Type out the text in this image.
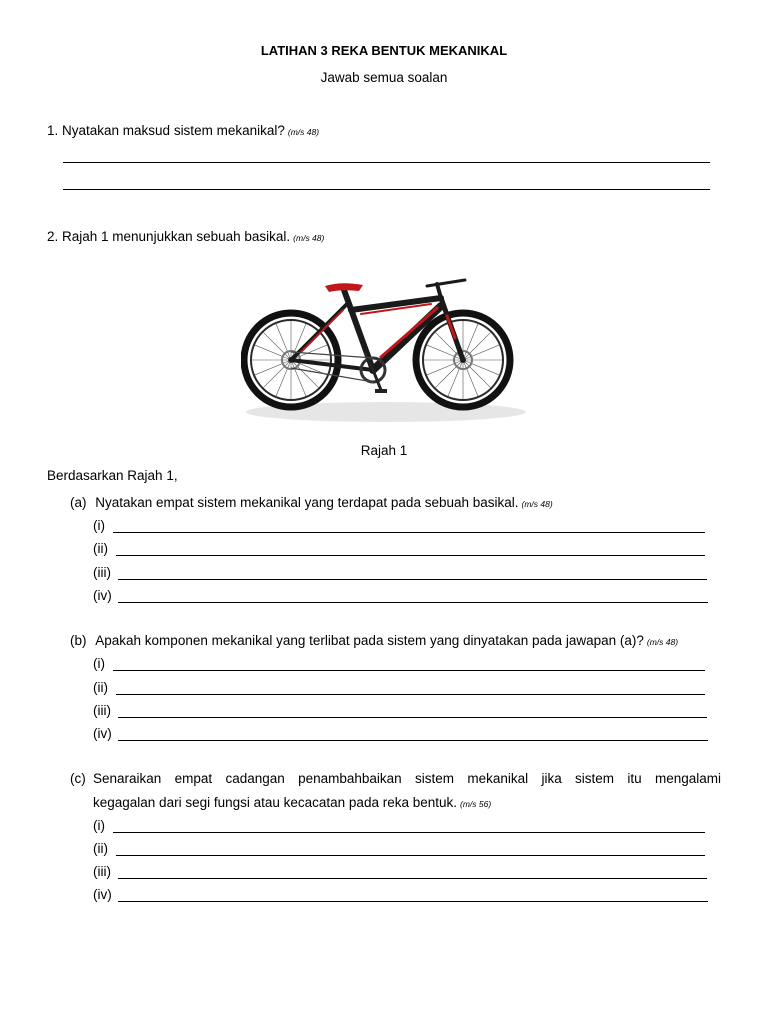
LATIHAN 3 REKA BENTUK MEKANIKAL
Jawab semua soalan
1. Nyatakan maksud sistem mekanikal? (m/s 48)
2. Rajah 1 menunjukkan sebuah basikal. (m/s 48)
Rajah 1
Berdasarkan Rajah 1,
(a) Nyatakan empat sistem mekanikal yang terdapat pada sebuah basikal. (m/s 48)
(i)
(ii)
(iii)
(iv)
(b) Apakah komponen mekanikal yang terlibat pada sistem yang dinyatakan pada jawapan (a)? (m/s 48)
(i)
(ii)
(iii)
(iv)
(c) Senaraikan empat cadangan penambahbaikan sistem mekanikal jika sistem itu mengalami
kegagalan dari segi fungsi atau kecacatan pada reka bentuk. (m/s 56)
(i)
(ii)
(iii)
(iv)
